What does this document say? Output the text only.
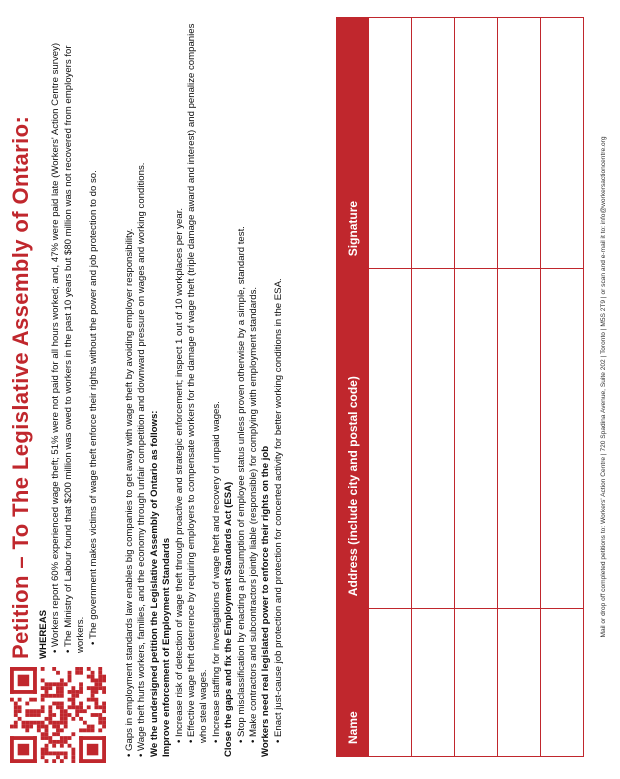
Petition – To The Legislative Assembly of Ontario: WHEREAS • Workers report 60% experienced wage theft; 51% were not paid for all hours worked; and, 47% were paid late (Workers' Action Centre survey) • The Ministry of Labour found that $200 million was owed to workers in the past 10 years but $80 million was not recovered from employers for workers. • The government makes victims of wage theft enforce their rights without the power and job protection to do so.	• Gaps in employment standards law enables big companies to get away with wage theft by avoiding employer responsibility. • Wage theft hurts workers, families, and the economy through unfair competition and downward pressure on wages and working conditions. We the undersigned petition the Legislative Assembly of Ontario as follows: Improve enforcement of Employment Standards • Increase risk of detection of wage theft through proactive and strategic enforcement; inspect 1 out of 10 workplaces per year. • Effective wage theft deterrence by requiring employers to compensate workers for the damage of wage theft (triple damage award and interest) and penalize companies who steal wages. • Increase staffing for investigations of wage theft and recovery of unpaid wages. Close the gaps and fix the Employment Standards Act (ESA) • Stop misclassification by enacting a presumption of employee status unless proven otherwise by a simple, standard test. • Make contractors and subcontractors jointly liable (responsible) for complying with employment standards. Workers need real legislated power to enforce their rights on the job • Enact just-cause job protection and protection for concerted activity for better working conditions in the ESA.	Name	Address (include city and postal code)	Signature

			Mail or drop off completed petitions to: Workers' Action Centre | 720 Spadina Avenue, Suite 202 | Toronto | M5S 2T9 | or scan and e-mail it to: info@workersactioncentre.org
